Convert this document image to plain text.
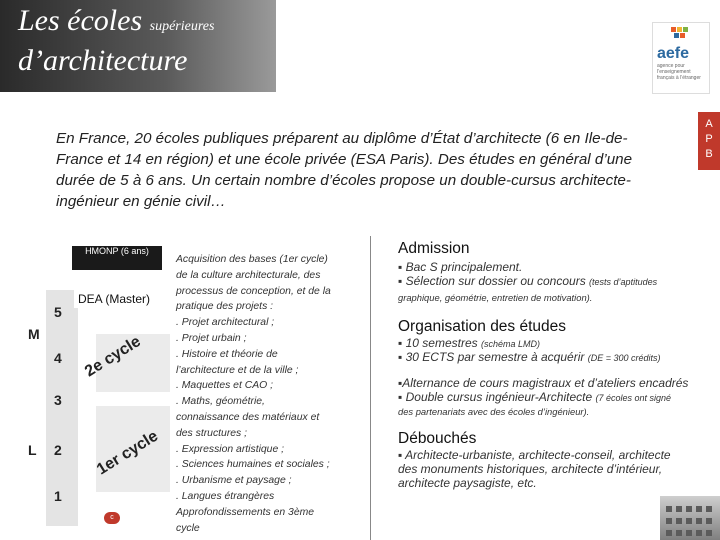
Les écoles supérieures
d’architecture	aefe
agence pour l’enseignement français à l’étranger
A
P
B
En France, 20 écoles publiques préparent au diplôme d’État d’architecte (6 en Ile-de-France et 14 en région) et une école privée (ESA Paris). Des études en général d’une durée de 5 à 6 ans. Un certain nombre d’écoles propose un double-cursus architecte-ingénieur en génie civil…
HMONP (6 ans)
DEA (Master)
5
M
4
3
L 2
1
2e cycle
1er cycle
c
Acquisition des bases (1er cycle)
de la culture architecturale, des
processus de conception, et de la
pratique des projets :
. Projet architectural ;
. Projet urbain ;
. Histoire et théorie de
l’architecture et de la ville ;
. Maquettes et CAO ;
. Maths, géométrie,
connaissance des matériaux et
des structures ;
. Expression artistique ;
. Sciences humaines et sociales ;
. Urbanisme et paysage ;
. Langues étrangères
Approfondissements en 3ème
cycle
Admission
▪ Bac S principalement.
▪ Sélection sur dossier ou concours (tests d’aptitudes
graphique, géométrie, entretien de motivation).
Organisation des études
▪ 10 semestres (schéma LMD)
▪ 30 ECTS par semestre à acquérir (DE = 300 crédits)
▪Alternance de cours magistraux et d’ateliers encadrés
▪ Double cursus ingénieur-Architecte (7 écoles ont signé
des partenariats avec des écoles d’ingénieur).
Débouchés
▪ Architecte-urbaniste, architecte-conseil, architecte
des monuments historiques, architecte d’intérieur,
architecte paysagiste, etc.
